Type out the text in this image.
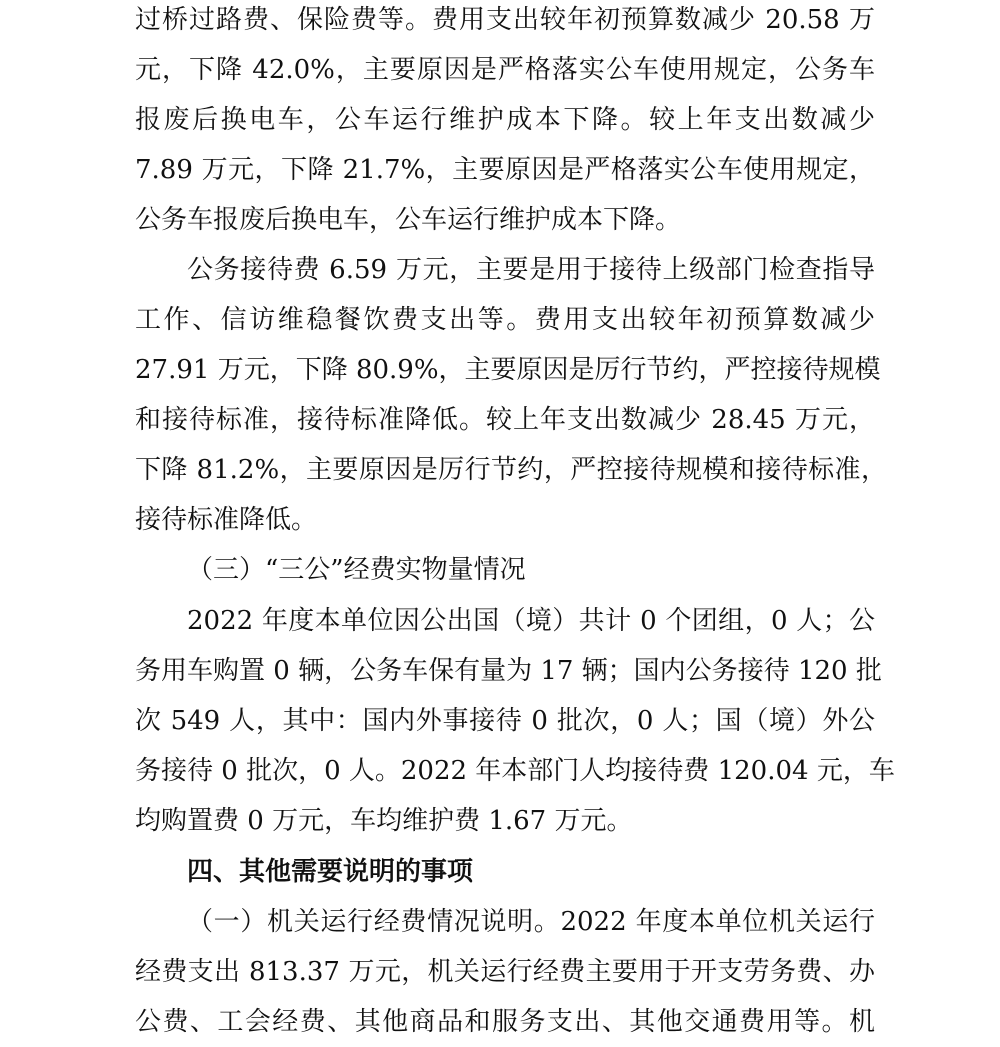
过桥过路费、保险费等。费用支出较年初预算数减少 20.58 万
元，下降 42.0%，主要原因是严格落实公车使用规定，公务车
报废后换电车，公车运行维护成本下降。较上年支出数减少
7.89 万元，下降 21.7%，主要原因是严格落实公车使用规定，
公务车报废后换电车，公车运行维护成本下降。
公务接待费 6.59 万元，主要是用于接待上级部门检查指导
工作、信访维稳餐饮费支出等。费用支出较年初预算数减少
27.91 万元，下降 80.9%，主要原因是厉行节约，严控接待规模
和接待标准，接待标准降低。较上年支出数减少 28.45 万元，
下降 81.2%，主要原因是厉行节约，严控接待规模和接待标准，
接待标准降低。
（三）“三公”经费实物量情况
2022 年度本单位因公出国（境）共计 0 个团组，0 人；公
务用车购置 0 辆，公务车保有量为 17 辆；国内公务接待 120 批
次 549 人，其中：国内外事接待 0 批次，0 人；国（境）外公
务接待 0 批次，0 人。2022 年本部门人均接待费 120.04 元，车
均购置费 0 万元，车均维护费 1.67 万元。
四、其他需要说明的事项
（一）机关运行经费情况说明。2022 年度本单位机关运行
经费支出 813.37 万元，机关运行经费主要用于开支劳务费、办
公费、工会经费、其他商品和服务支出、其他交通费用等。机
